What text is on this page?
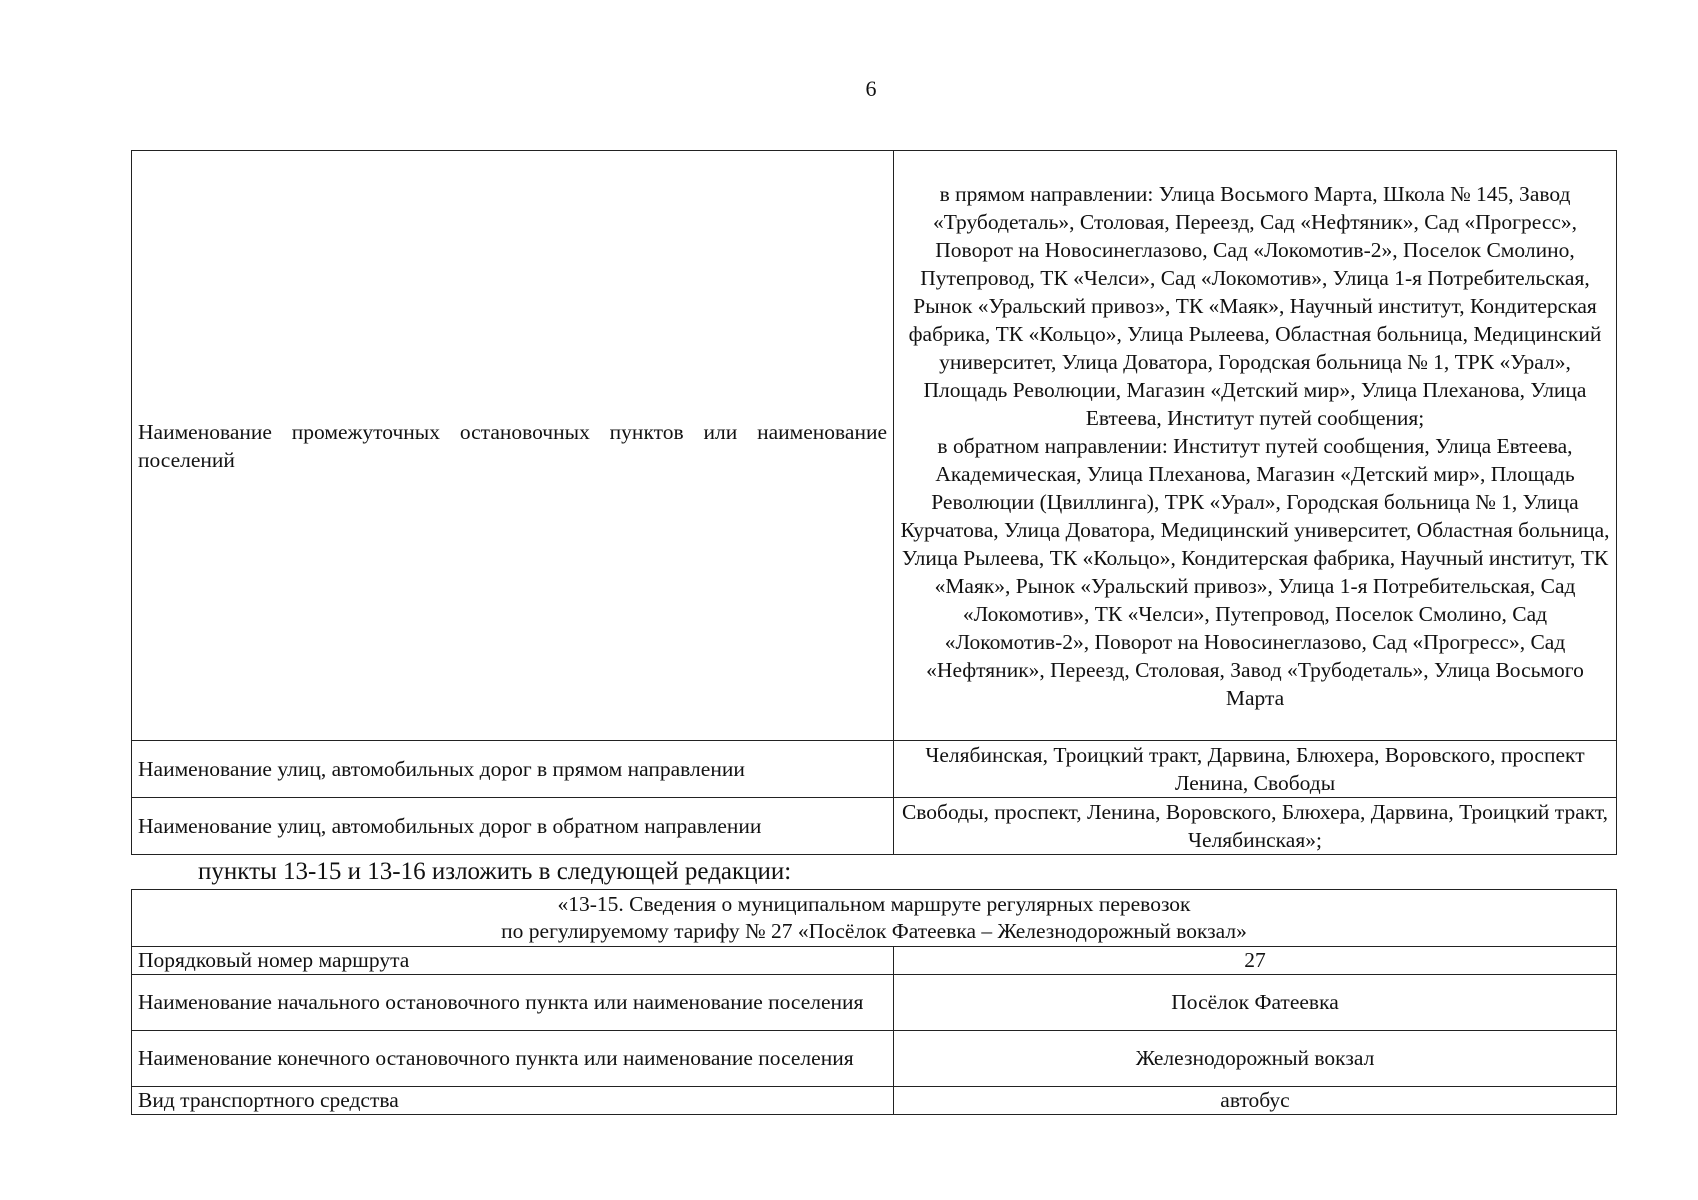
6
Наименование промежуточных остановочных пунктов или наименование поселений	в прямом направлении: Улица Восьмого Марта, Школа № 145, Завод «Трубодеталь», Столовая, Переезд, Сад «Нефтяник», Сад «Прогресс», Поворот на Новосинеглазово, Сад «Локомотив-2», Поселок Смолино, Путепровод, ТК «Челси», Сад «Локомотив», Улица 1-я Потребительская, Рынок «Уральский привоз», ТК «Маяк», Научный институт, Кондитерская фабрика, ТК «Кольцо», Улица Рылеева, Областная больница, Медицинский университет, Улица Доватора, Городская больница № 1, ТРК «Урал», Площадь Революции, Магазин «Детский мир», Улица Плеханова, Улица Евтеева, Институт путей сообщения;
в обратном направлении: Институт путей сообщения, Улица Евтеева, Академическая, Улица Плеханова, Магазин «Детский мир», Площадь Революции (Цвиллинга), ТРК «Урал», Городская больница № 1, Улица Курчатова, Улица Доватора, Медицинский университет, Областная больница, Улица Рылеева, ТК «Кольцо», Кондитерская фабрика, Научный институт, ТК «Маяк», Рынок «Уральский привоз», Улица 1-я Потребительская, Сад «Локомотив», ТК «Челси», Путепровод, Поселок Смолино, Сад «Локомотив-2», Поворот на Новосинеглазово, Сад «Прогресс», Сад «Нефтяник», Переезд, Столовая, Завод «Трубодеталь», Улица Восьмого Марта

Наименование улиц, автомобильных дорог в прямом направлении	Челябинская, Троицкий тракт, Дарвина, Блюхера, Воровского, проспект Ленина, Свободы
Наименование улиц, автомобильных дорог в обратном направлении	Свободы, проспект, Ленина, Воровского, Блюхера, Дарвина, Троицкий тракт, Челябинская»;
пункты 13-15 и 13-16 изложить в следующей редакции:
«13-15. Сведения о муниципальном маршруте регулярных перевозок
по регулируемому тарифу № 27 «Посёлок Фатеевка – Железнодорожный вокзал»	

Порядковый номер маршрута	27
Наименование начального остановочного пункта или наименование поселения	Посёлок Фатеевка
Наименование конечного остановочного пункта или наименование поселения	Железнодорожный вокзал
Вид транспортного средства	автобус
